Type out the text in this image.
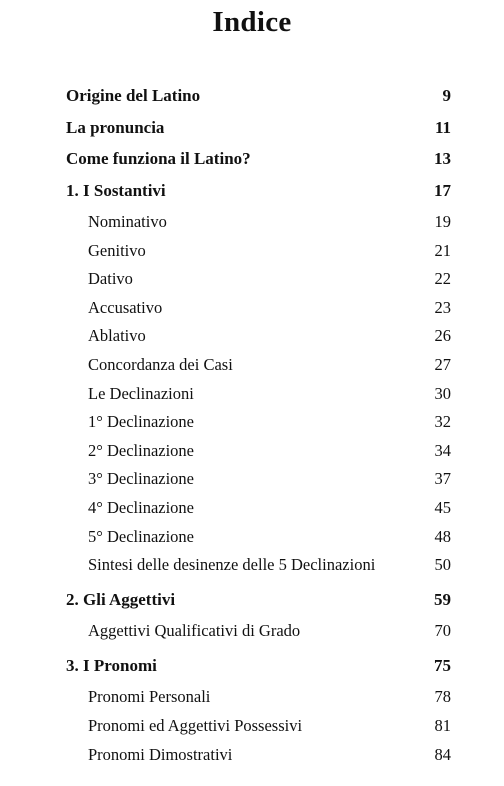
Indice
Origine del Latino	9
La pronuncia	11
Come funziona il Latino?	13
1. I Sostantivi	17
Nominativo	19
Genitivo	21
Dativo	22
Accusativo	23
Ablativo	26
Concordanza dei Casi	27
Le Declinazioni	30
1° Declinazione	32
2° Declinazione	34
3° Declinazione	37
4° Declinazione	45
5° Declinazione	48
Sintesi delle desinenze delle 5 Declinazioni	50
2. Gli Aggettivi	59
Aggettivi Qualificativi di Grado	70
3. I Pronomi	75
Pronomi Personali	78
Pronomi ed Aggettivi Possessivi	81
Pronomi Dimostrativi	84
